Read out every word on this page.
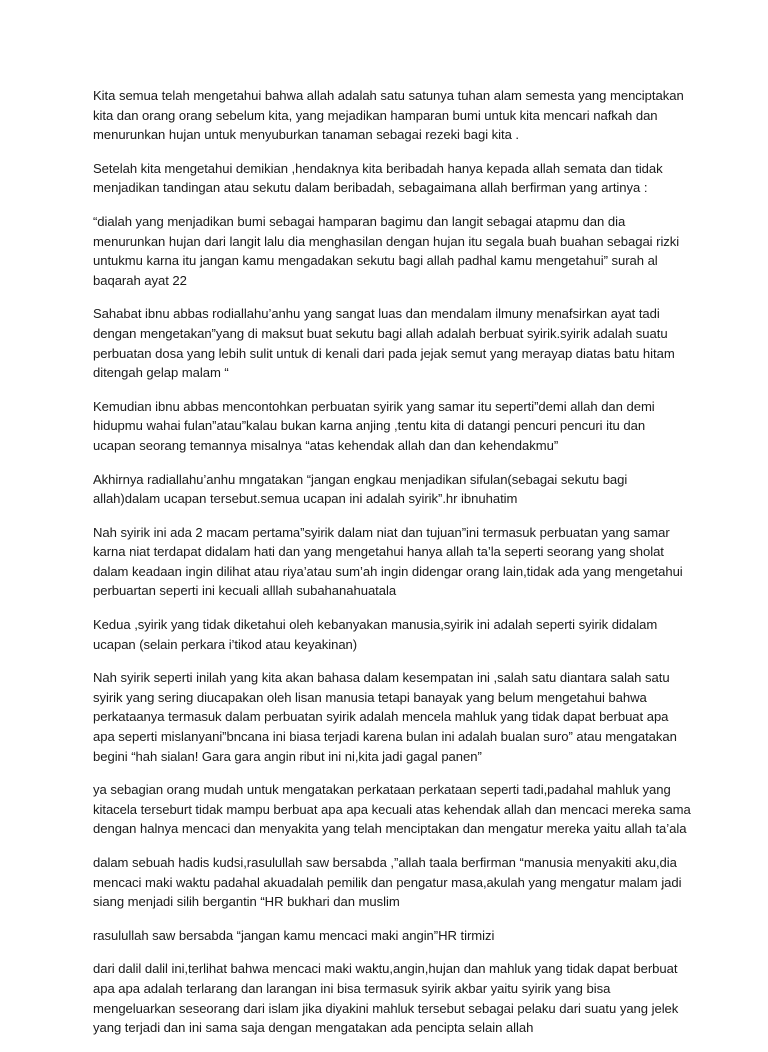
Kita semua telah mengetahui bahwa allah adalah satu satunya tuhan alam semesta yang menciptakan kita dan orang orang sebelum kita, yang mejadikan hamparan bumi untuk kita mencari nafkah dan menurunkan hujan untuk menyuburkan tanaman sebagai rezeki bagi kita .

Setelah kita mengetahui demikian ,hendaknya kita beribadah hanya kepada allah semata dan tidak menjadikan tandingan atau sekutu dalam beribadah, sebagaimana allah berfirman yang artinya :

“dialah yang menjadikan bumi sebagai hamparan bagimu dan langit sebagai atapmu dan dia menurunkan hujan dari langit lalu dia menghasilan dengan hujan itu segala buah buahan sebagai rizki untukmu karna itu jangan kamu mengadakan sekutu bagi allah padhal kamu mengetahui” surah al baqarah ayat 22

Sahabat ibnu abbas rodiallahu’anhu yang sangat luas dan mendalam ilmuny menafsirkan ayat tadi dengan mengetakan”yang di maksut buat sekutu bagi allah adalah berbuat syirik.syirik adalah suatu perbuatan dosa yang lebih sulit untuk di kenali dari pada jejak semut yang merayap diatas batu hitam ditengah gelap malam “

Kemudian ibnu abbas mencontohkan perbuatan syirik yang samar itu seperti”demi allah dan demi hidupmu wahai fulan”atau”kalau bukan karna anjing ,tentu kita di datangi pencuri pencuri itu dan ucapan seorang temannya misalnya “atas kehendak allah dan dan kehendakmu”

Akhirnya radiallahu’anhu mngatakan “jangan engkau menjadikan sifulan(sebagai sekutu bagi allah)dalam ucapan tersebut.semua ucapan ini adalah syirik”.hr ibnuhatim

Nah syirik ini ada 2 macam pertama”syirik dalam niat dan tujuan”ini termasuk perbuatan yang samar karna niat terdapat didalam hati dan yang mengetahui hanya allah ta’la seperti seorang yang sholat dalam keadaan ingin dilihat atau riya’atau sum’ah ingin didengar orang lain,tidak ada yang mengetahui perbuartan seperti ini kecuali alllah subahanahuatala

Kedua ,syirik yang tidak diketahui oleh kebanyakan manusia,syirik ini adalah seperti syirik didalam ucapan (selain perkara i’tikod atau keyakinan)

Nah syirik seperti inilah yang kita akan bahasa dalam kesempatan ini ,salah satu diantara salah satu syirik yang sering diucapakan oleh lisan manusia tetapi banayak yang belum mengetahui bahwa perkataanya termasuk dalam perbuatan syirik adalah mencela mahluk yang tidak dapat berbuat apa apa seperti mislanyani”bncana ini biasa terjadi karena bulan ini adalah bualan suro” atau mengatakan begini “hah sialan! Gara gara angin ribut ini ni,kita jadi gagal panen”

ya sebagian orang mudah untuk mengatakan perkataan perkataan seperti tadi,padahal mahluk yang kitacela terseburt tidak mampu berbuat apa apa kecuali atas kehendak allah dan mencaci mereka sama dengan halnya mencaci dan menyakita yang telah menciptakan dan mengatur mereka yaitu allah ta’ala

dalam sebuah hadis kudsi,rasulullah saw bersabda ,”allah taala berfirman “manusia menyakiti aku,dia mencaci maki waktu padahal akuadalah pemilik dan pengatur masa,akulah yang mengatur malam jadi siang menjadi silih bergantin “HR bukhari dan muslim

rasulullah saw bersabda “jangan kamu mencaci maki angin”HR tirmizi

dari dalil dalil ini,terlihat bahwa mencaci maki waktu,angin,hujan dan mahluk yang tidak dapat berbuat apa apa adalah terlarang dan larangan ini bisa termasuk syirik akbar yaitu syirik yang bisa mengeluarkan seseorang dari islam jika diyakini mahluk tersebut sebagai pelaku dari suatu yang jelek yang terjadi dan ini sama saja dengan mengatakan ada pencipta selain allah
